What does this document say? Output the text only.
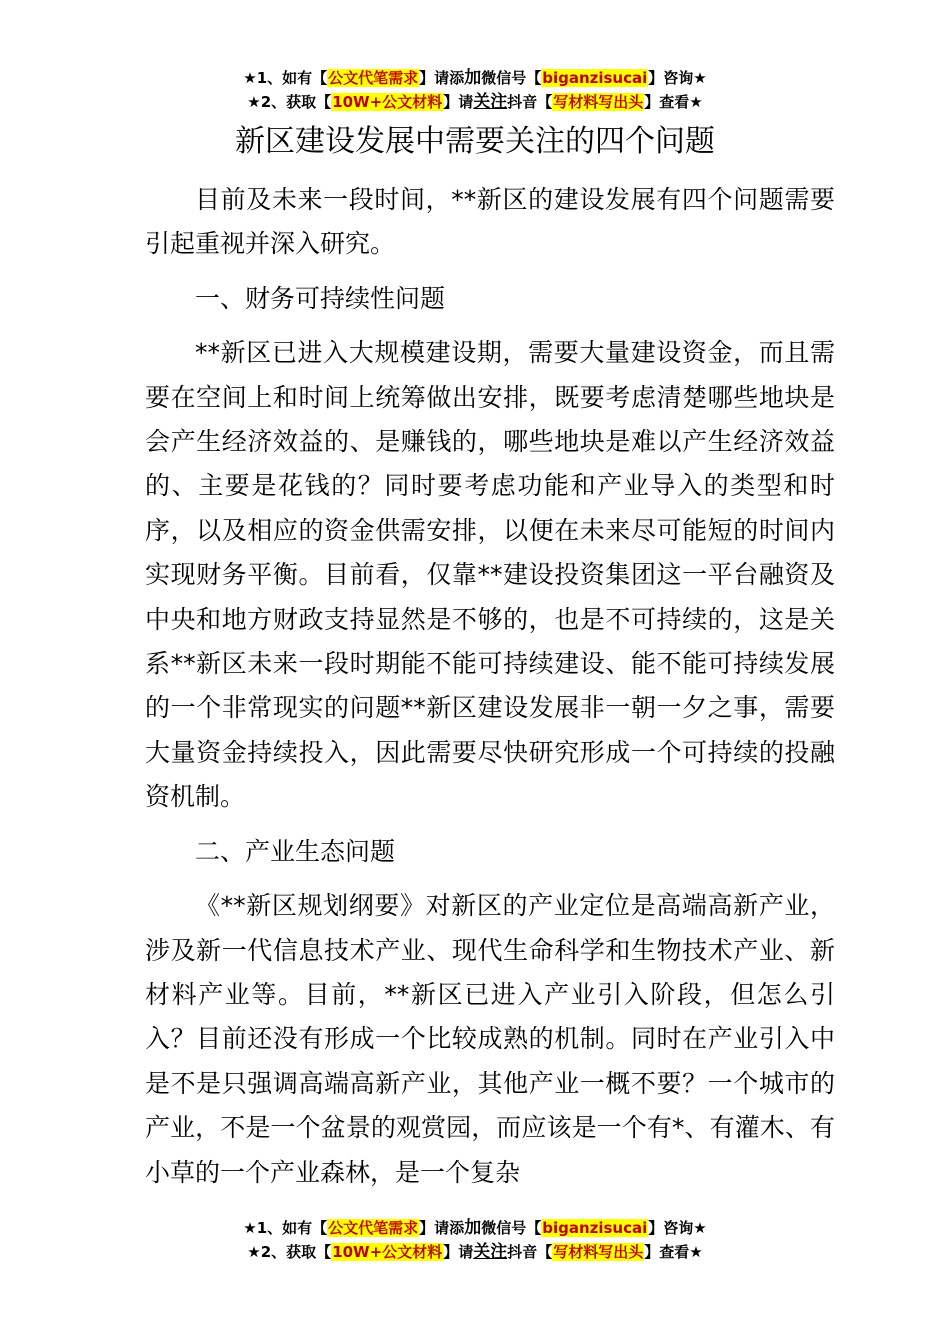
★1、如有【公文代笔需求】请添加微信号【biganzisucai】咨询★
★2、获取【10W+公文材料】请关注抖音【写材料写出头】查看★
新区建设发展中需要关注的四个问题

目前及未来一段时间，**新区的建设发展有四个问题需要引起重视并深入研究。

一、财务可持续性问题

**新区已进入大规模建设期，需要大量建设资金，而且需要在空间上和时间上统筹做出安排，既要考虑清楚哪些地块是会产生经济效益的、是赚钱的，哪些地块是难以产生经济效益的、主要是花钱的？同时要考虑功能和产业导入的类型和时序，以及相应的资金供需安排，以便在未来尽可能短的时间内实现财务平衡。目前看，仅靠**建设投资集团这一平台融资及中央和地方财政支持显然是不够的，也是不可持续的，这是关系**新区未来一段时期能不能可持续建设、能不能可持续发展的一个非常现实的问题**新区建设发展非一朝一夕之事，需要大量资金持续投入，因此需要尽快研究形成一个可持续的投融资机制。

二、产业生态问题

《**新区规划纲要》对新区的产业定位是高端高新产业，涉及新一代信息技术产业、现代生命科学和生物技术产业、新材料产业等。目前，**新区已进入产业引入阶段，但怎么引入？目前还没有形成一个比较成熟的机制。同时在产业引入中是不是只强调高端高新产业，其他产业一概不要？一个城市的产业，不是一个盆景的观赏园，而应该是一个有*、有灌木、有小草的一个产业森林，是一个复杂

★1、如有【公文代笔需求】请添加微信号【biganzisucai】咨询★
★2、获取【10W+公文材料】请关注抖音【写材料写出头】查看★
